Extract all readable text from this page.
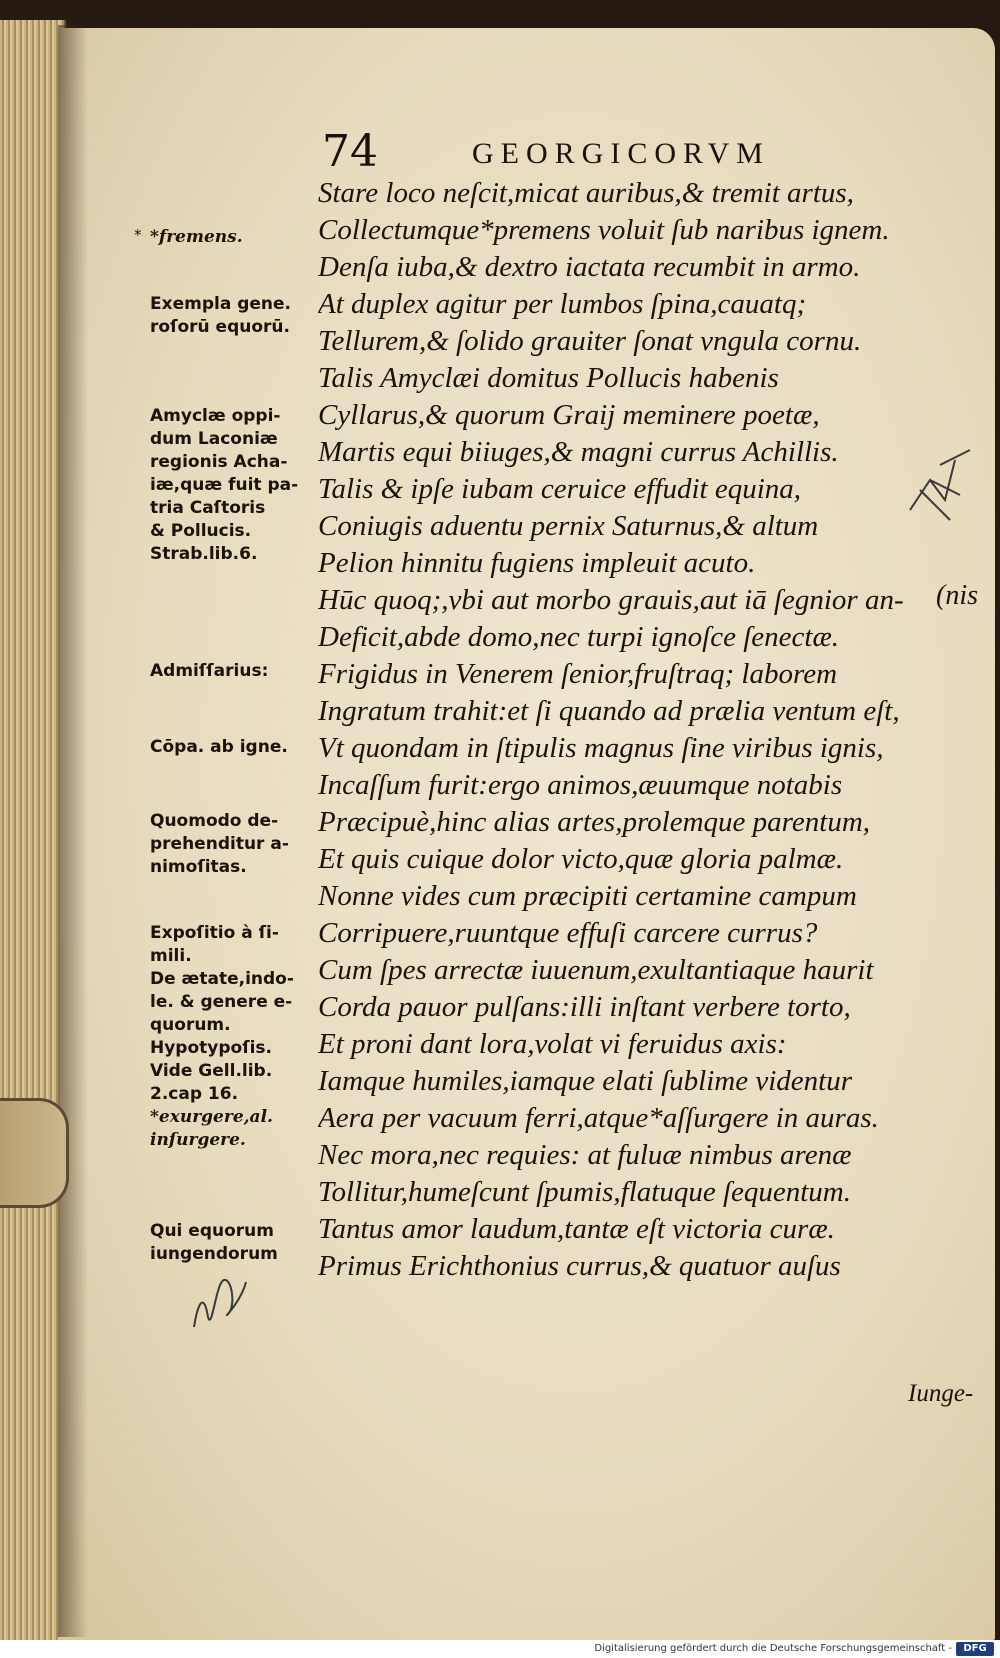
74	GEORGICORVM
Stare loco neſcit,micat auribus,& tremit artus,
Collectumque*premens voluit ſub naribus ignem.
Denſa iuba,& dextro iactata recumbit in armo.
At duplex agitur per lumbos ſpina,cauatq;
Tellurem,& ſolido grauiter ſonat vngula cornu.
Talis Amyclæi domitus Pollucis habenis
Cyllarus,& quorum Graij meminere poetæ,
Martis equi biiuges,& magni currus Achillis.
Talis & ipſe iubam ceruice effudit equina,
Coniugis aduentu pernix Saturnus,& altum
Pelion hinnitu fugiens impleuit acuto.
Hūc quoq;,vbi aut morbo grauis,aut iā ſegnior an-
Deficit,abde domo,nec turpi ignoſce ſenectæ.
Frigidus in Venerem ſenior,fruſtraq; laborem
Ingratum trahit:et ſi quando ad prælia ventum eſt,
Vt quondam in ſtipulis magnus ſine viribus ignis,
Incaſſum furit:ergo animos,æuumque notabis
Præcipuè,hinc alias artes,prolemque parentum,
Et quis cuique dolor victo,quæ gloria palmæ.
Nonne vides cum præcipiti certamine campum
Corripuere,ruuntque effuſi carcere currus?
Cum ſpes arrectæ iuuenum,exultantiaque haurit
Corda pauor pulſans:illi inſtant verbere torto,
Et proni dant lora,volat vi feruidus axis:
Iamque humiles,iamque elati ſublime videntur
Aera per vacuum ferri,atque*aſſurgere in auras.
Nec mora,nec requies: at fuluæ nimbus arenæ
Tollitur,humeſcunt ſpumis,flatuque ſequentum.
Tantus amor laudum,tantæ eſt victoria curæ.
Primus Erichthonius currus,& quatuor auſus
(nis
Iunge-
* *fremens.
Exempla gene.
roſorū equorū.
Amyclæ oppi-
dum Laconiæ
regionis Acha-
iæ,quæ fuit pa-
tria Caſtoris
& Pollucis.
Strab.lib.6.
Admiſſarius:
Cōpa. ab igne.
Quomodo de-
prehenditur a-
nimoſitas.
Expoſitio à ſi-
mili.
De ætate,indo-
le. & genere e-
quorum.
Hypotypoſis.
Vide Gell.lib.
2.cap 16.
*exurgere,al.
inſurgere.
Qui equorum
iungendorum
Digitalisierung gefördert durch die Deutsche Forschungsgemeinschaft -	DFG
